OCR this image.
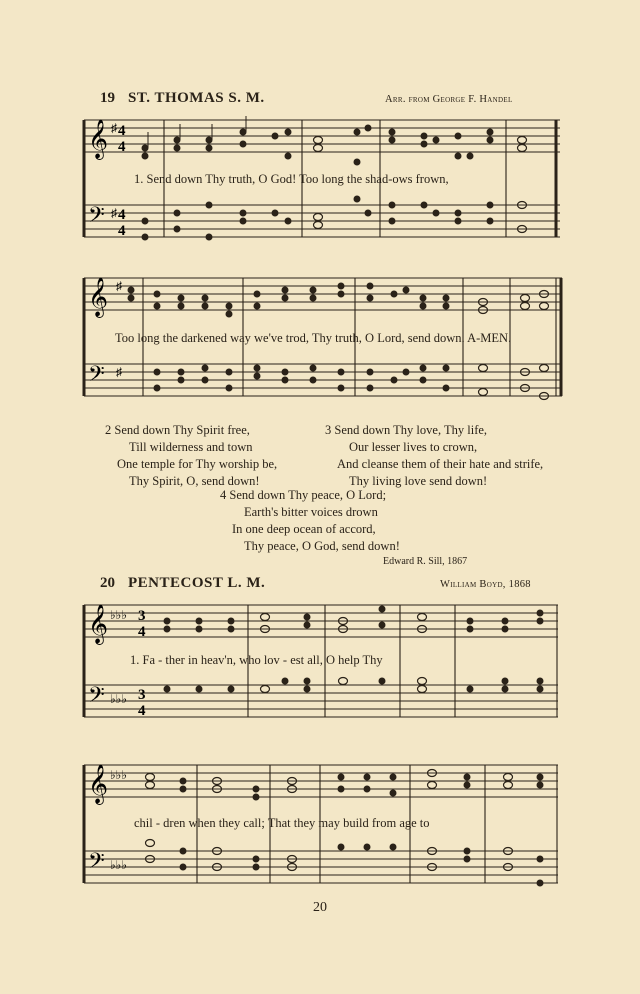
19 ST. THOMAS S. M.	Arr. from George F. Handel
𝄞
𝄢
♯
♯
4
4
4
4
1. Send down Thy truth, O God! Too long the shad-ows frown,
𝄞
𝄢
♯
♯
Too long the darkened way we've trod, Thy truth, O Lord, send down. A-MEN.
2 Send down Thy Spirit free,
Till wilderness and town
One temple for Thy worship be,
Thy Spirit, O, send down!
3 Send down Thy love, Thy life,
Our lesser lives to crown,
And cleanse them of their hate and strife,
Thy living love send down!
4 Send down Thy peace, O Lord;
Earth's bitter voices drown
In one deep ocean of accord,
Thy peace, O God, send down!
Edward R. Sill, 1867
20 PENTECOST L. M.	William Boyd, 1868
𝄞
𝄢
♭♭♭
♭♭♭
3
4
3
4
1. Fa - ther in heav'n, who lov - est all, O help Thy
𝄞
𝄢
♭♭♭
♭♭♭
chil - dren when they call; That they may build from age to
20
